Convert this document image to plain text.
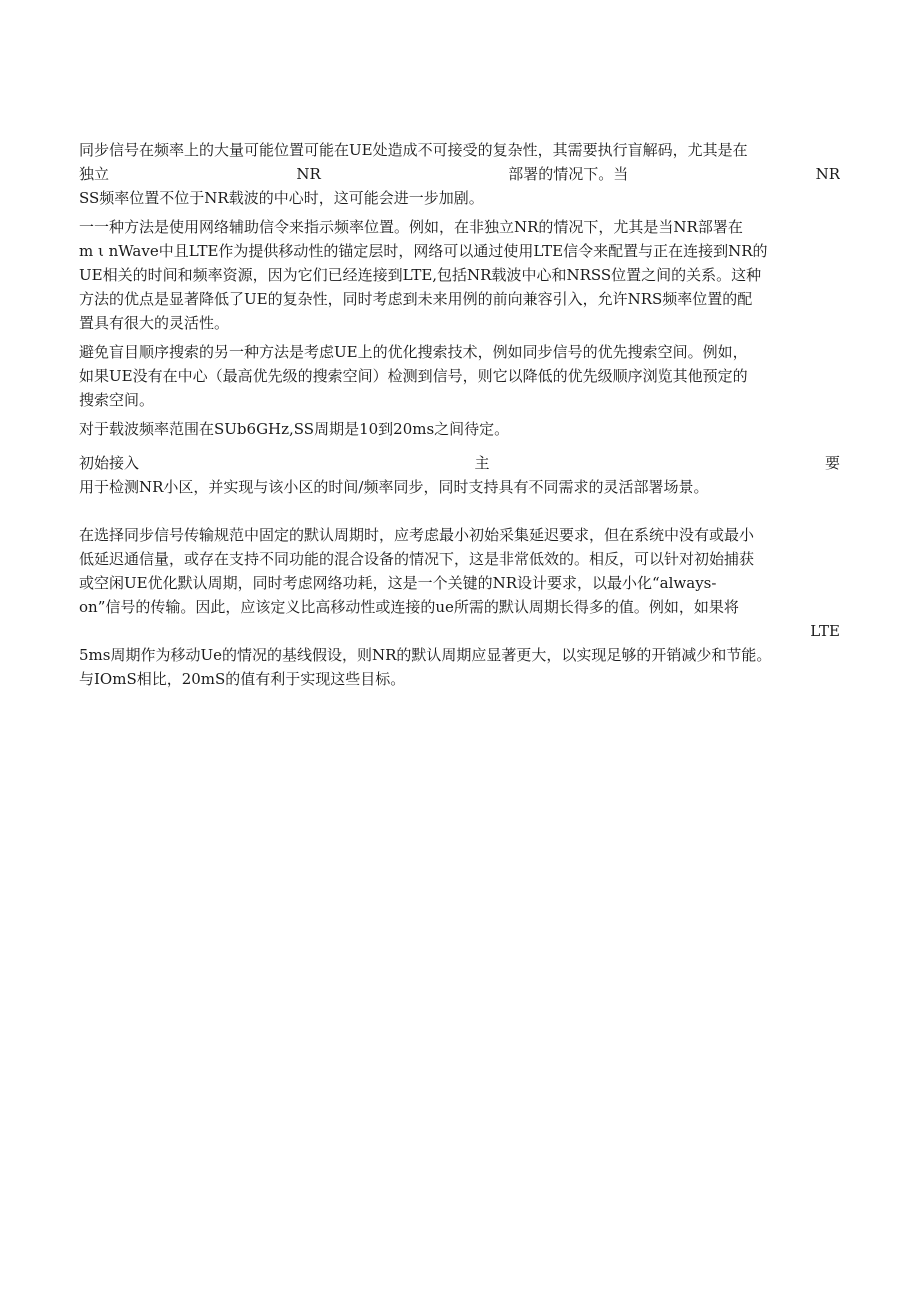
同步信号在频率上的大量可能位置可能在UE处造成不可接受的复杂性，其需要执行盲解码，尤其是在
独立	NR	部署的情况下。当	NR
SS频率位置不位于NR载波的中心时，这可能会进一步加剧。
一一种方法是使用网络辅助信令来指示频率位置。例如，在非独立NR的情况下，尤其是当NR部署在
m ι nWave中且LTE作为提供移动性的锚定层时，网络可以通过使用LTE信令来配置与正在连接到NR的
UE相关的时间和频率资源，因为它们已经连接到LTE,包括NR载波中心和NRSS位置之间的关系。这种
方法的优点是显著降低了UE的复杂性，同时考虑到未来用例的前向兼容引入，允许NRS频率位置的配
置具有很大的灵活性。
避免盲目顺序搜索的另一种方法是考虑UE上的优化搜索技术，例如同步信号的优先搜索空间。例如，
如果UE没有在中心（最高优先级的搜索空间）检测到信号，则它以降低的优先级顺序浏览其他预定的
搜索空间。
对于载波频率范围在SUb6GHz,SS周期是10到20ms之间待定。
初始接入	主	要
用于检测NR小区，并实现与该小区的时间/频率同步，同时支持具有不同需求的灵活部署场景。
在选择同步信号传输规范中固定的默认周期时，应考虑最小初始采集延迟要求，但在系统中没有或最小
低延迟通信量，或存在支持不同功能的混合设备的情况下，这是非常低效的。相反，可以针对初始捕获
或空闲UE优化默认周期，同时考虑网络功耗，这是一个关键的NR设计要求，以最小化“always-
on”信号的传输。因此，应该定义比高移动性或连接的ue所需的默认周期长得多的值。例如，如果将
LTE
5ms周期作为移动Ue的情况的基线假设，则NR的默认周期应显著更大，以实现足够的开销减少和节能。
与IOmS相比，20mS的值有利于实现这些目标。
